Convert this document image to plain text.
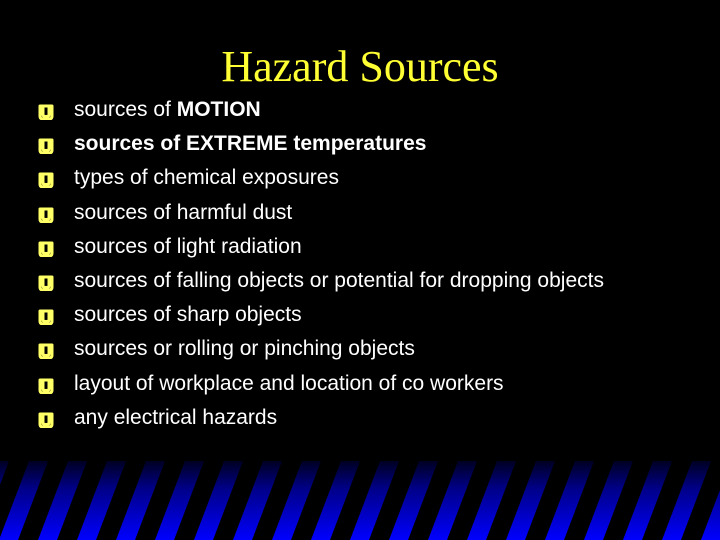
Hazard Sources
sources of MOTION
sources of EXTREME temperatures
types of chemical exposures
sources of harmful dust
sources of light radiation
sources of falling objects or potential for dropping objects
sources of sharp objects
sources or rolling or pinching objects
layout of workplace and location of co workers
any electrical hazards
